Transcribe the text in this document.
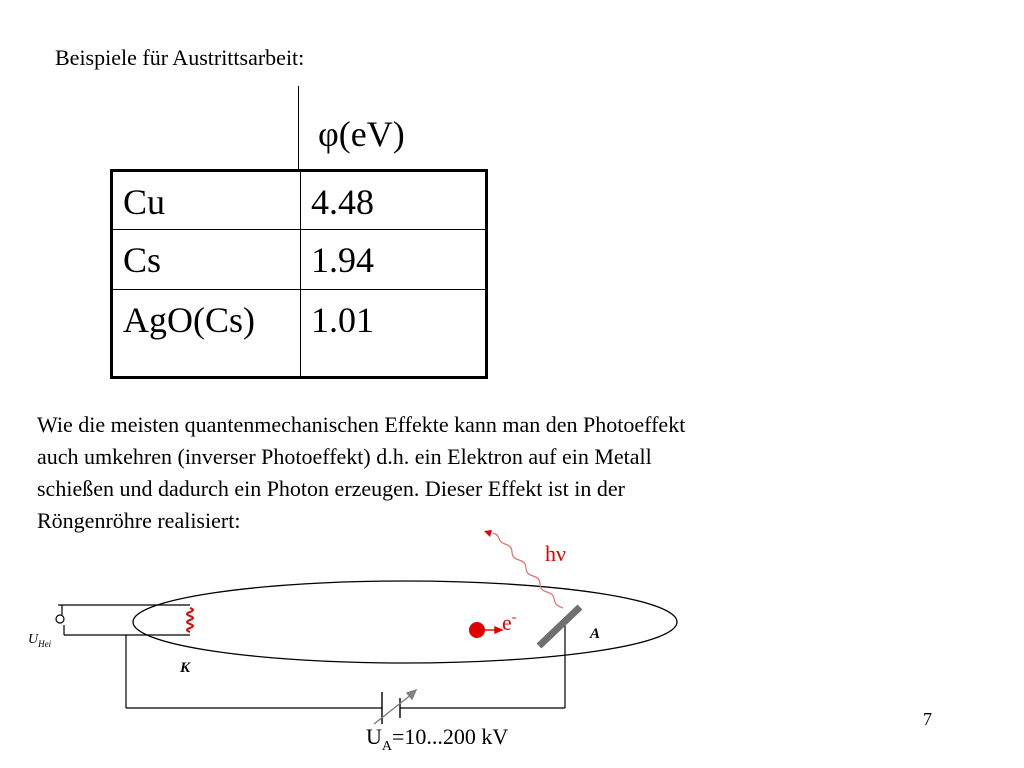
Beispiele für Austrittsarbeit:
φ(eV)
Cu	4.48
Cs	1.94
AgO(Cs)	1.01
Wie die meisten quantenmechanischen Effekte kann man den Photoeffekt
auch umkehren (inverser Photoeffekt) d.h. ein Elektron auf ein Metall
schießen und dadurch ein Photon erzeugen. Dieser Effekt ist in der
Röngenröhre realisiert:
hν
e-
A
K
$U_{Hei}$
$U_A=10...200$ kV
7
